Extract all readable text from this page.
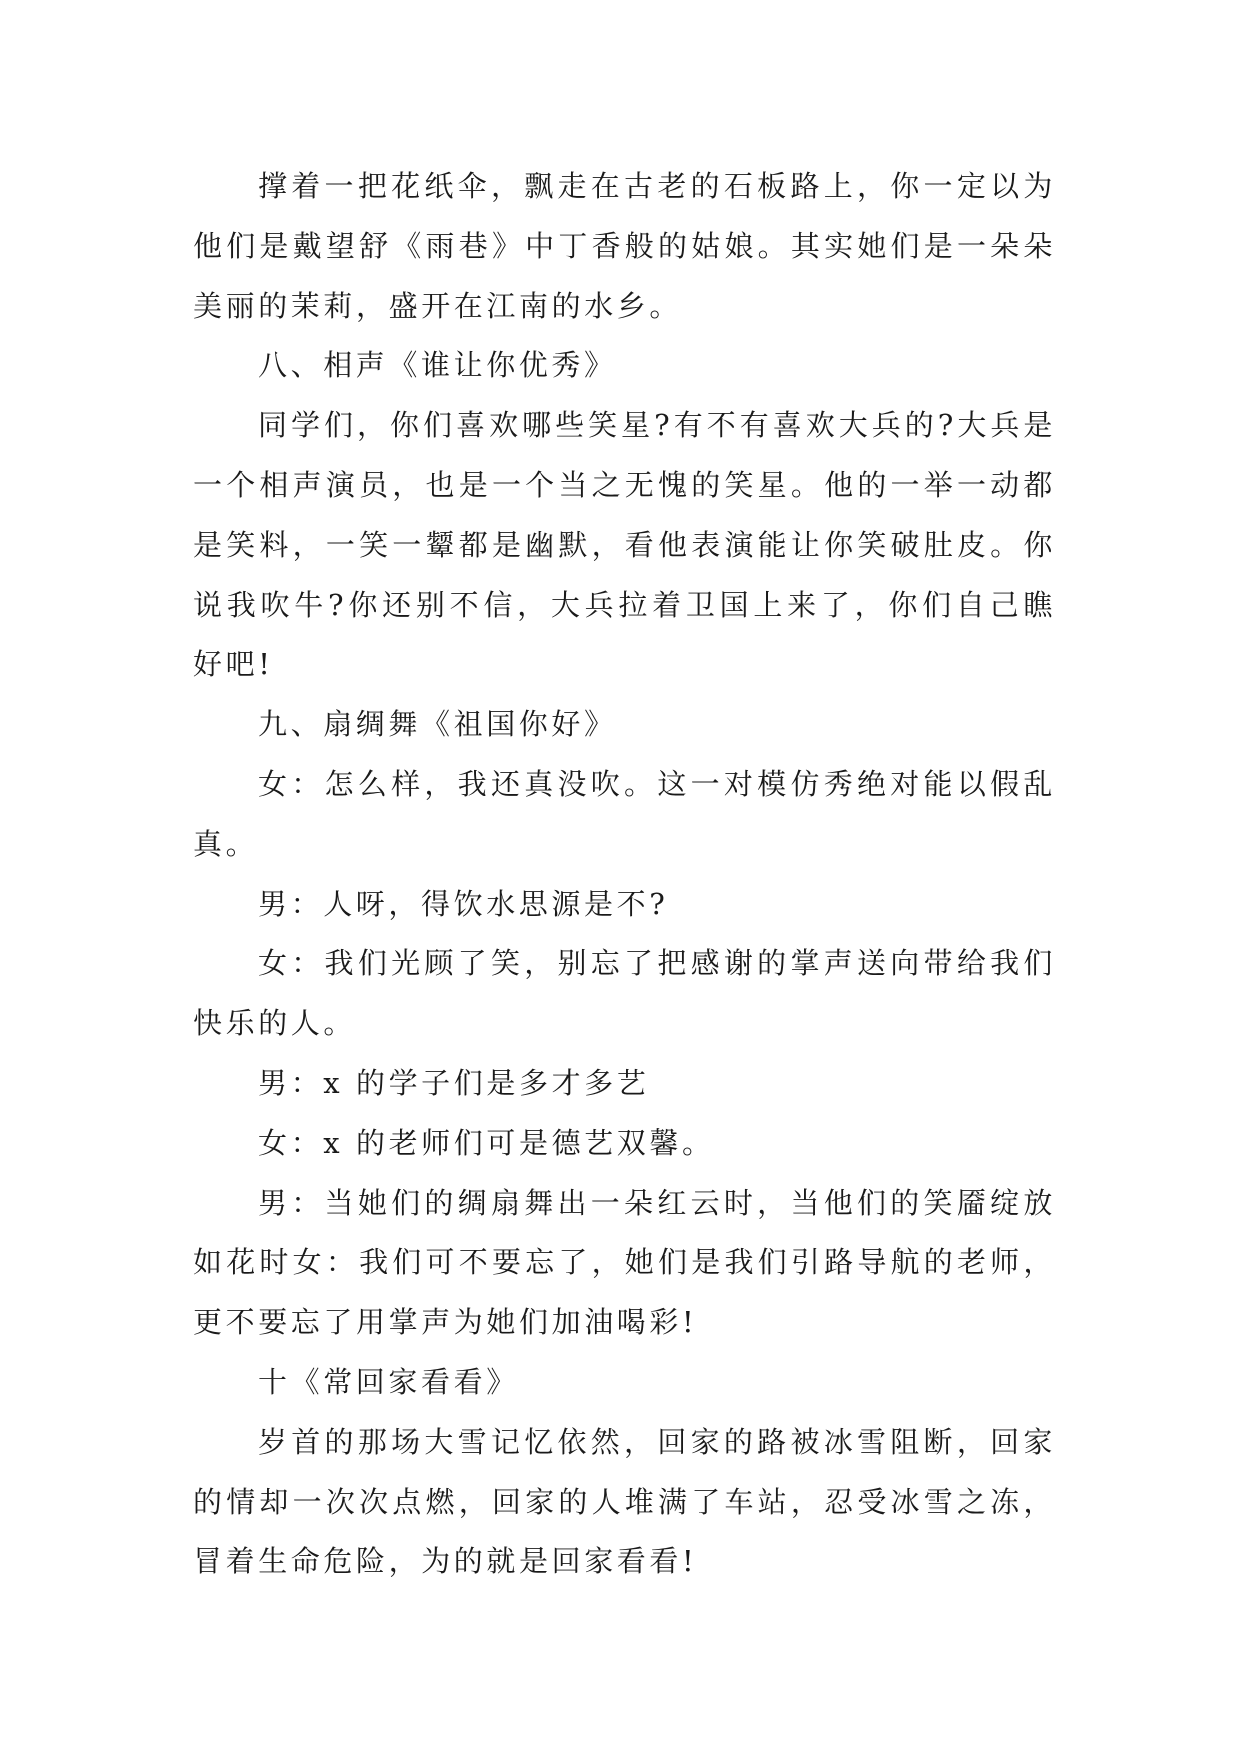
撑着一把花纸伞，飘走在古老的石板路上，你一定以为他们是戴望舒《雨巷》中丁香般的姑娘。其实她们是一朵朵美丽的茉莉，盛开在江南的水乡。

八、相声《谁让你优秀》

同学们，你们喜欢哪些笑星?有不有喜欢大兵的?大兵是一个相声演员，也是一个当之无愧的笑星。他的一举一动都是笑料，一笑一颦都是幽默，看他表演能让你笑破肚皮。你说我吹牛?你还别不信，大兵拉着卫国上来了，你们自己瞧好吧!

九、扇绸舞《祖国你好》

女：怎么样，我还真没吹。这一对模仿秀绝对能以假乱真。

男：人呀，得饮水思源是不?

女：我们光顾了笑，别忘了把感谢的掌声送向带给我们快乐的人。

男：x 的学子们是多才多艺

女：x 的老师们可是德艺双馨。

男：当她们的绸扇舞出一朵红云时，当他们的笑靥绽放如花时女：我们可不要忘了，她们是我们引路导航的老师，更不要忘了用掌声为她们加油喝彩!

十《常回家看看》

岁首的那场大雪记忆依然，回家的路被冰雪阻断，回家的情却一次次点燃，回家的人堆满了车站，忍受冰雪之冻，冒着生命危险，为的就是回家看看!
